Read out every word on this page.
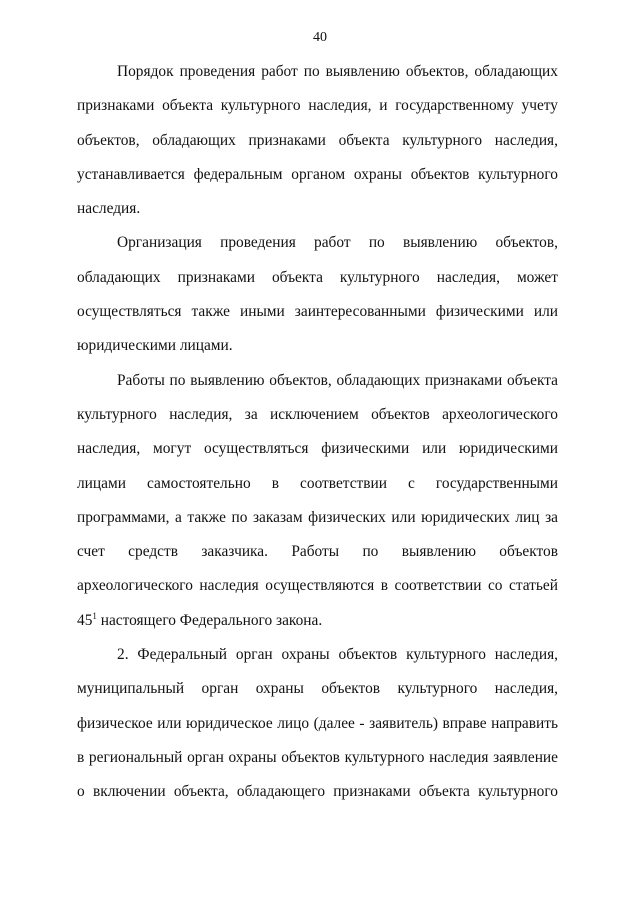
40

Порядок проведения работ по выявлению объектов, обладающих признаками объекта культурного наследия, и государственному учету объектов, обладающих признаками объекта культурного наследия, устанавливается федеральным органом охраны объектов культурного наследия.

Организация проведения работ по выявлению объектов, обладающих признаками объекта культурного наследия, может осуществляться также иными заинтересованными физическими или юридическими лицами.

Работы по выявлению объектов, обладающих признаками объекта культурного наследия, за исключением объектов археологического наследия, могут осуществляться физическими или юридическими лицами самостоятельно в соответствии с государственными программами, а также по заказам физических или юридических лиц за счет средств заказчика. Работы по выявлению объектов археологического наследия осуществляются в соответствии со статьей $45^1$ настоящего Федерального закона.

2. Федеральный орган охраны объектов культурного наследия, муниципальный орган охраны объектов культурного наследия, физическое или юридическое лицо (далее - заявитель) вправе направить в региональный орган охраны объектов культурного наследия заявление о включении объекта, обладающего признаками объекта культурного
